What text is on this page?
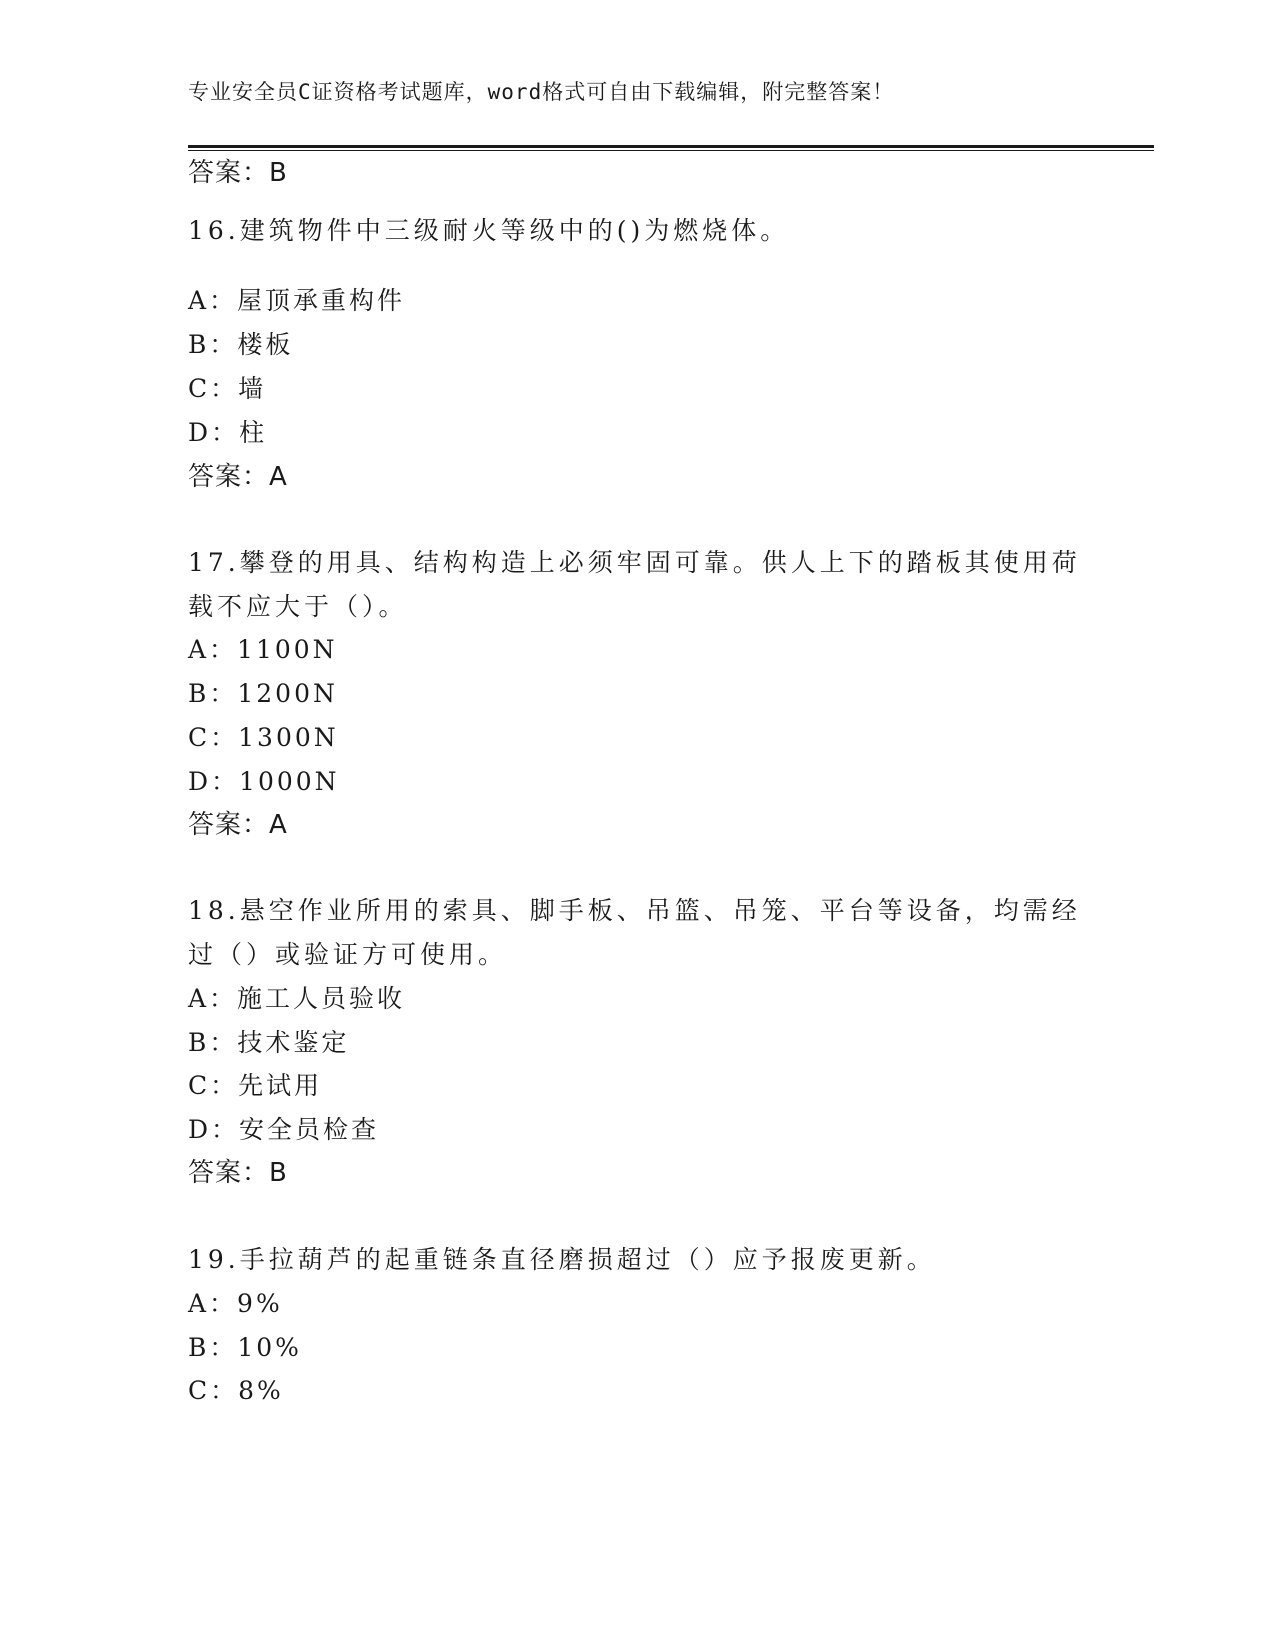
专业安全员C证资格考试题库，word格式可自由下载编辑，附完整答案！
答案：B
16.建筑物件中三级耐火等级中的()为燃烧体。
A：屋顶承重构件
B：楼板
C：墙
D：柱
答案：A
17.攀登的用具、结构构造上必须牢固可靠。供人上下的踏板其使用荷
载不应大于（）。
A：1100N
B：1200N
C：1300N
D：1000N
答案：A
18.悬空作业所用的索具、脚手板、吊篮、吊笼、平台等设备，均需经
过（）或验证方可使用。
A：施工人员验收
B：技术鉴定
C：先试用
D：安全员检查
答案：B
19.手拉葫芦的起重链条直径磨损超过（）应予报废更新。
A：9%
B：10%
C：8%
